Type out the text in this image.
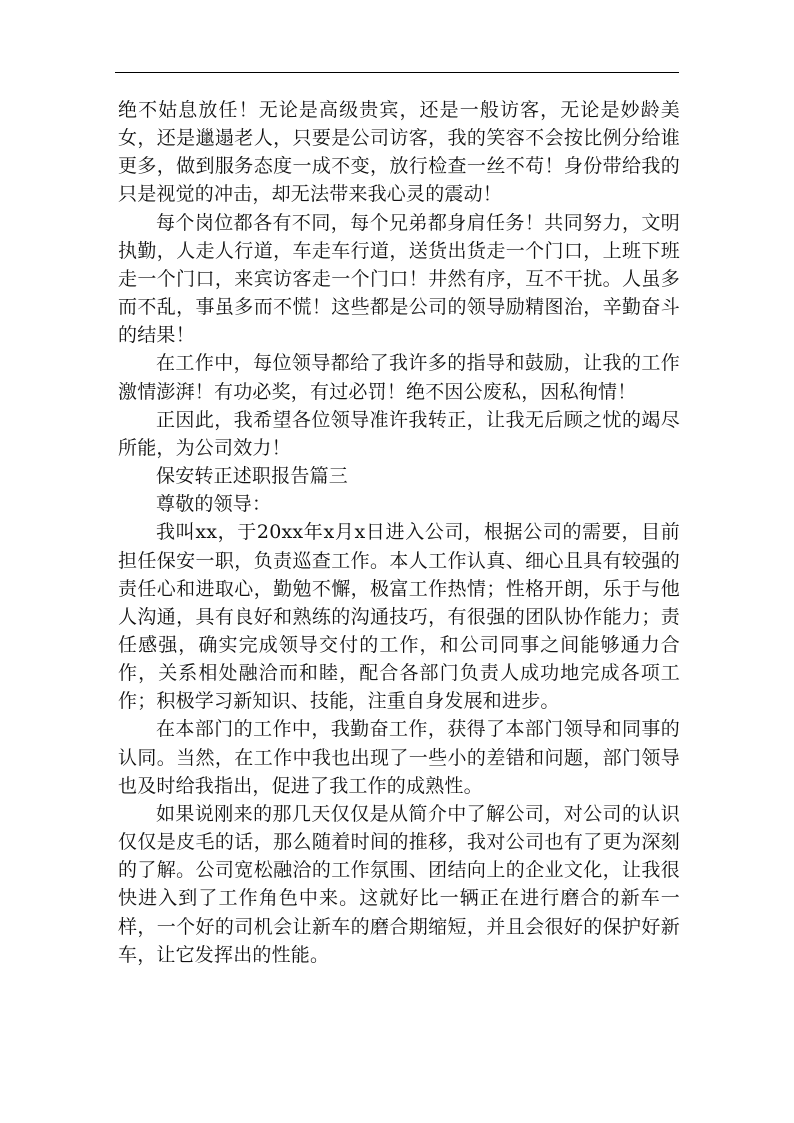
绝不姑息放任！无论是高级贵宾，还是一般访客，无论是妙龄美女，还是邋遢老人，只要是公司访客，我的笑容不会按比例分给谁更多，做到服务态度一成不变，放行检查一丝不苟！身份带给我的只是视觉的冲击，却无法带来我心灵的震动！

每个岗位都各有不同，每个兄弟都身肩任务！共同努力，文明执勤，人走人行道，车走车行道，送货出货走一个门口，上班下班走一个门口，来宾访客走一个门口！井然有序，互不干扰。人虽多而不乱，事虽多而不慌！这些都是公司的领导励精图治，辛勤奋斗的结果！

在工作中，每位领导都给了我许多的指导和鼓励，让我的工作激情澎湃！有功必奖，有过必罚！绝不因公废私，因私徇情！

正因此，我希望各位领导准许我转正，让我无后顾之忧的竭尽所能，为公司效力！

保安转正述职报告篇三

尊敬的领导：

我叫xx，于20xx年x月x日进入公司，根据公司的需要，目前担任保安一职，负责巡查工作。本人工作认真、细心且具有较强的责任心和进取心，勤勉不懈，极富工作热情；性格开朗，乐于与他人沟通，具有良好和熟练的沟通技巧，有很强的团队协作能力；责任感强，确实完成领导交付的工作，和公司同事之间能够通力合作，关系相处融洽而和睦，配合各部门负责人成功地完成各项工作；积极学习新知识、技能，注重自身发展和进步。

在本部门的工作中，我勤奋工作，获得了本部门领导和同事的认同。当然，在工作中我也出现了一些小的差错和问题，部门领导也及时给我指出，促进了我工作的成熟性。

如果说刚来的那几天仅仅是从简介中了解公司，对公司的认识仅仅是皮毛的话，那么随着时间的推移，我对公司也有了更为深刻的了解。公司宽松融洽的工作氛围、团结向上的企业文化，让我很快进入到了工作角色中来。这就好比一辆正在进行磨合的新车一样，一个好的司机会让新车的磨合期缩短，并且会很好的保护好新车，让它发挥出的性能。
